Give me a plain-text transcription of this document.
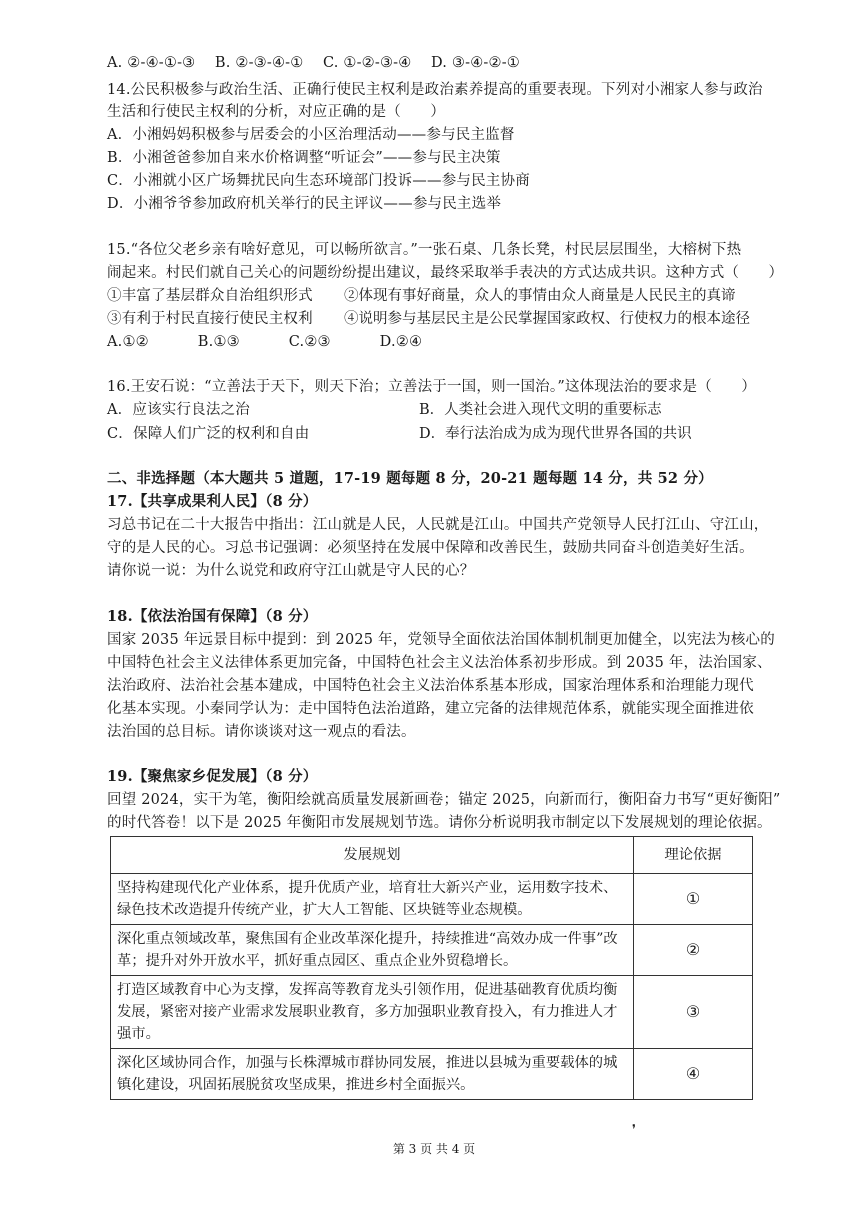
A. ②-④-①-③　 B. ②-③-④-①　 C. ①-②-③-④　 D. ③-④-②-①
14.公民积极参与政治生活、正确行使民主权利是政治素养提高的重要表现。下列对小湘家人参与政治
生活和行使民主权利的分析，对应正确的是（　　）
A．小湘妈妈积极参与居委会的小区治理活动——参与民主监督
B．小湘爸爸参加自来水价格调整“听证会”——参与民主决策
C．小湘就小区广场舞扰民向生态环境部门投诉——参与民主协商
D．小湘爷爷参加政府机关举行的民主评议——参与民主选举
15.“各位父老乡亲有啥好意见，可以畅所欲言。”一张石桌、几条长凳，村民层层围坐，大榕树下热
闹起来。村民们就自己关心的问题纷纷提出建议，最终采取举手表决的方式达成共识。这种方式（　　）
①丰富了基层群众自治组织形式 ②体现有事好商量，众人的事情由众人商量是人民民主的真谛
③有利于村民直接行使民主权利 ④说明参与基层民主是公民掌握国家政权、行使权力的根本途径
A.①②　　　 B.①③　　　 C.②③　　　 D.②④
16.王安石说：“立善法于天下，则天下治；立善法于一国，则一国治。”这体现法治的要求是（　　）
A．应该实行良法之治	B．人类社会进入现代文明的重要标志
C．保障人们广泛的权利和自由	D．奉行法治成为成为现代世界各国的共识
二、非选择题（本大题共 5 道题，17-19 题每题 8 分，20-21 题每题 14 分，共 52 分）
17.【共享成果利人民】（8 分）
习总书记在二十大报告中指出：江山就是人民，人民就是江山。中国共产党领导人民打江山、守江山，
守的是人民的心。习总书记强调：必须坚持在发展中保障和改善民生，鼓励共同奋斗创造美好生活。
请你说一说：为什么说党和政府守江山就是守人民的心？
18.【依法治国有保障】（8 分）
国家 2035 年远景目标中提到：到 2025 年，党领导全面依法治国体制机制更加健全，以宪法为核心的
中国特色社会主义法律体系更加完备，中国特色社会主义法治体系初步形成。到 2035 年，法治国家、
法治政府、法治社会基本建成，中国特色社会主义法治体系基本形成，国家治理体系和治理能力现代
化基本实现。小秦同学认为：走中国特色法治道路，建立完备的法律规范体系，就能实现全面推进依
法治国的总目标。请你谈谈对这一观点的看法。
19.【聚焦家乡促发展】（8 分）
回望 2024，实干为笔，衡阳绘就高质量发展新画卷；锚定 2025，向新而行，衡阳奋力书写“更好衡阳”
的时代答卷！以下是 2025 年衡阳市发展规划节选。请你分析说明我市制定以下发展规划的理论依据。
发展规划	理论依据
坚持构建现代化产业体系，提升优质产业，培育壮大新兴产业，运用数字技术、绿色技术改造提升传统产业，扩大人工智能、区块链等业态规模。	①
深化重点领域改革，聚焦国有企业改革深化提升，持续推进“高效办成一件事”改革；提升对外开放水平，抓好重点园区、重点企业外贸稳增长。	②
打造区域教育中心为支撑，发挥高等教育龙头引领作用，促进基础教育优质均衡发展，紧密对接产业需求发展职业教育，多方加强职业教育投入，有力推进人才强市。	③
深化区域协同合作，加强与长株潭城市群协同发展，推进以县城为重要载体的城镇化建设，巩固拓展脱贫攻坚成果，推进乡村全面振兴。	④
❜
第 3 页 共 4 页
